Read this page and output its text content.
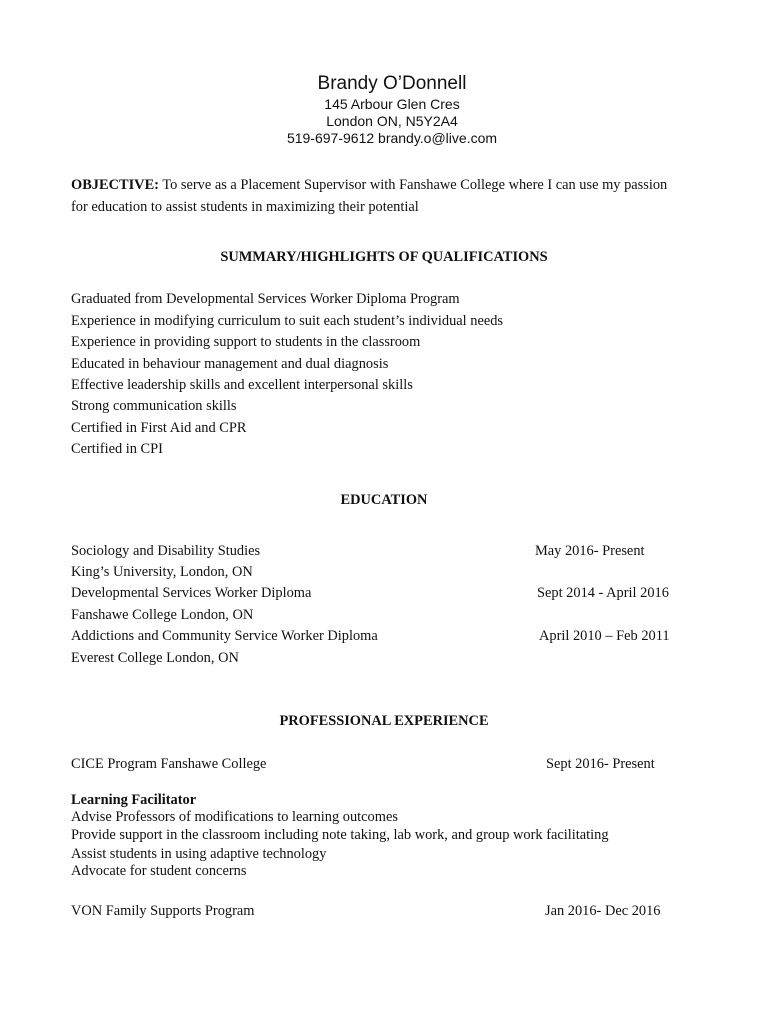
Brandy O’Donnell

145 Arbour Glen Cres

London ON, N5Y2A4

519-697-9612 brandy.o@live.com

OBJECTIVE: To serve as a Placement Supervisor with Fanshawe College where I can use my passion

for education to assist students in maximizing their potential

SUMMARY/HIGHLIGHTS OF QUALIFICATIONS

Graduated from Developmental Services Worker Diploma Program

Experience in modifying curriculum to suit each student’s individual needs

Experience in providing support to students in the classroom

Educated in behaviour management and dual diagnosis

Effective leadership skills and excellent interpersonal skills

Strong communication skills

Certified in First Aid and CPR

Certified in CPI

EDUCATION

Sociology and Disability Studies	May 2016- Present

King’s University, London, ON

Developmental Services Worker Diploma	Sept 2014 - April 2016

Fanshawe College London, ON

Addictions and Community Service Worker Diploma	April 2010 – Feb 2011

Everest College London, ON

PROFESSIONAL EXPERIENCE

CICE Program Fanshawe College	Sept 2016- Present

Learning Facilitator

Advise Professors of modifications to learning outcomes

Provide support in the classroom including note taking, lab work, and group work facilitating

Assist students in using adaptive technology

Advocate for student concerns

VON Family Supports Program	Jan 2016- Dec 2016
